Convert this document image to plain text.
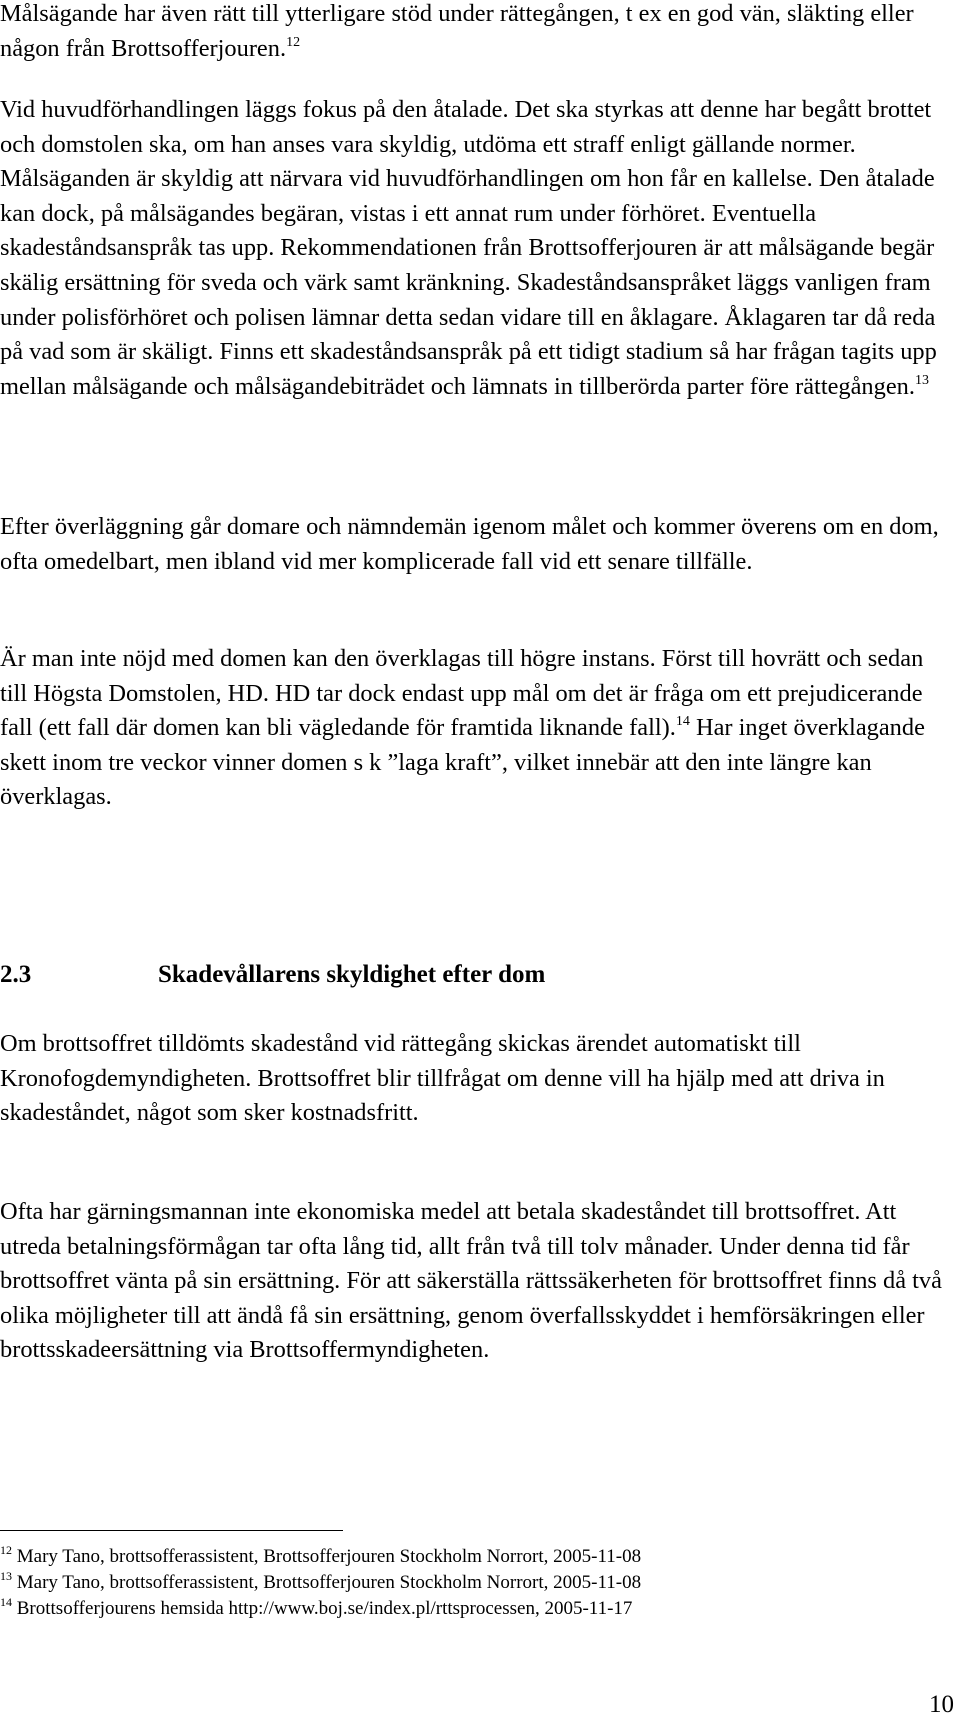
Målsägande har även rätt till ytterligare stöd under rättegången, t ex en god vän, släkting eller någon från Brottsofferjouren.$^{12}$

Vid huvudförhandlingen läggs fokus på den åtalade. Det ska styrkas att denne har begått brottet och domstolen ska, om han anses vara skyldig, utdöma ett straff enligt gällande normer. Målsäganden är skyldig att närvara vid huvudförhandlingen om hon får en kallelse. Den åtalade kan dock, på målsägandes begäran, vistas i ett annat rum under förhöret. Eventuella skadeståndsanspråk tas upp. Rekommendationen från Brottsofferjouren är att målsägande begär skälig ersättning för sveda och värk samt kränkning. Skadeståndsanspråket läggs vanligen fram under polisförhöret och polisen lämnar detta sedan vidare till en åklagare. Åklagaren tar då reda på vad som är skäligt. Finns ett skadeståndsanspråk på ett tidigt stadium så har frågan tagits upp mellan målsägande och målsägandebiträdet och lämnats in tillberörda parter före rättegången.$^{13}$

Efter överläggning går domare och nämndemän igenom målet och kommer överens om en dom, ofta omedelbart, men ibland vid mer komplicerade fall vid ett senare tillfälle.

Är man inte nöjd med domen kan den överklagas till högre instans. Först till hovrätt och sedan till Högsta Domstolen, HD. HD tar dock endast upp mål om det är fråga om ett prejudicerande fall (ett fall där domen kan bli vägledande för framtida liknande fall).$^{14}$ Har inget överklagande skett inom tre veckor vinner domen s k ”laga kraft”, vilket innebär att den inte längre kan överklagas.

2.3	Skadevållarens skyldighet efter dom

Om brottsoffret tilldömts skadestånd vid rättegång skickas ärendet automatiskt till Kronofogdemyndigheten. Brottsoffret blir tillfrågat om denne vill ha hjälp med att driva in skadeståndet, något som sker kostnadsfritt.

Ofta har gärningsmannan inte ekonomiska medel att betala skadeståndet till brottsoffret. Att utreda betalningsförmågan tar ofta lång tid, allt från två till tolv månader. Under denna tid får brottsoffret vänta på sin ersättning. För att säkerställa rättssäkerheten för brottsoffret finns då två olika möjligheter till att ändå få sin ersättning, genom överfallsskyddet i hemförsäkringen eller brottsskadeersättning via Brottsoffermyndigheten.

$^{12}$ Mary Tano, brottsofferassistent, Brottsofferjouren Stockholm Norrort, 2005-11-08

$^{13}$ Mary Tano, brottsofferassistent, Brottsofferjouren Stockholm Norrort, 2005-11-08

$^{14}$ Brottsofferjourens hemsida http://www.boj.se/index.pl/rttsprocessen, 2005-11-17

10
